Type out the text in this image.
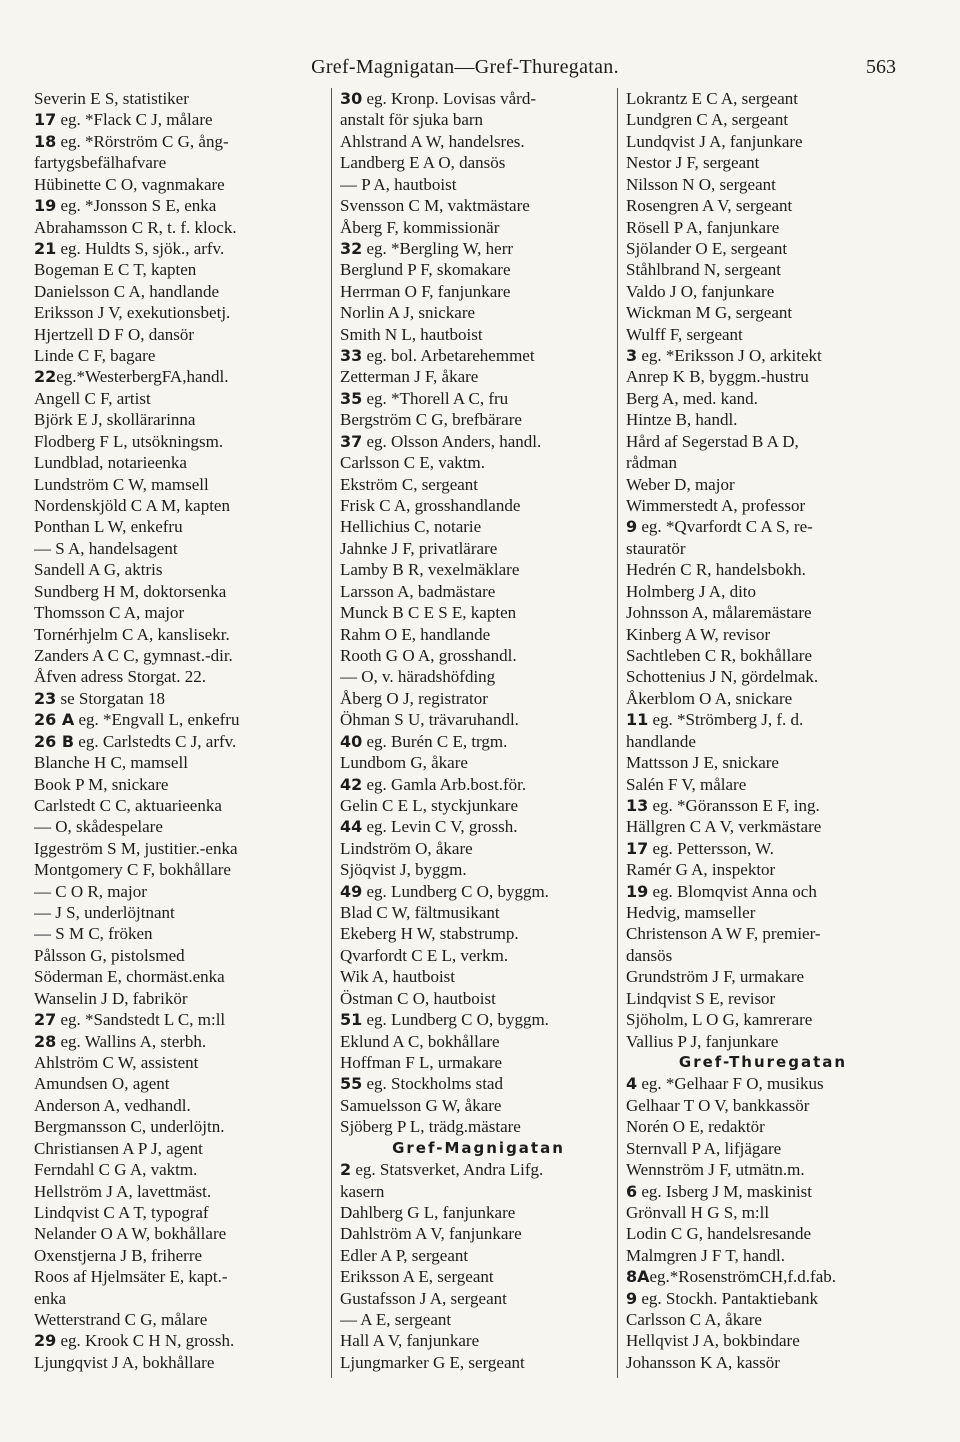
Gref-Magnigatan—Gref-Thuregatan.	563
Severin E S, statistiker
17 eg. *Flack C J, målare
18 eg. *Rörström C G, ång-
fartygsbefälhafvare
Hübinette C O, vagnmakare
19 eg. *Jonsson S E, enka
Abrahamsson C R, t. f. klock.
21 eg. Huldts S, sjök., arfv.
Bogeman E C T, kapten
Danielsson C A, handlande
Eriksson J V, exekutionsbetj.
Hjertzell D F O, dansör
Linde C F, bagare
22eg.*WesterbergFA,handl.
Angell C F, artist
Björk E J, skollärarinna
Flodberg F L, utsökningsm.
Lundblad, notarieenka
Lundström C W, mamsell
Nordenskjöld C A M, kapten
Ponthan L W, enkefru
— S A, handelsagent
Sandell A G, aktris
Sundberg H M, doktorsenka
Thomsson C A, major
Tornérhjelm C A, kanslisekr.
Zanders A C C, gymnast.-dir.
Åfven adress Storgat. 22.
23 se Storgatan 18
26 A eg. *Engvall L, enkefru
26 B eg. Carlstedts C J, arfv.
Blanche H C, mamsell
Book P M, snickare
Carlstedt C C, aktuarieenka
— O, skådespelare
Iggeström S M, justitier.-enka
Montgomery C F, bokhållare
— C O R, major
— J S, underlöjtnant
— S M C, fröken
Pålsson G, pistolsmed
Söderman E, chormäst.enka
Wanselin J D, fabrikör
27 eg. *Sandstedt L C, m:ll
28 eg. Wallins A, sterbh.
Ahlström C W, assistent
Amundsen O, agent
Anderson A, vedhandl.
Bergmansson C, underlöjtn.
Christiansen A P J, agent
Ferndahl C G A, vaktm.
Hellström J A, lavettmäst.
Lindqvist C A T, typograf
Nelander O A W, bokhållare
Oxenstjerna J B, friherre
Roos af Hjelmsäter E, kapt.-
enka
Wetterstrand C G, målare
29 eg. Krook C H N, grossh.
Ljungqvist J A, bokhållare
30 eg. Kronp. Lovisas vård-
anstalt för sjuka barn
Ahlstrand A W, handelsres.
Landberg E A O, dansös
— P A, hautboist
Svensson C M, vaktmästare
Åberg F, kommissionär
32 eg. *Bergling W, herr
Berglund P F, skomakare
Herrman O F, fanjunkare
Norlin A J, snickare
Smith N L, hautboist
33 eg. bol. Arbetarehemmet
Zetterman J F, åkare
35 eg. *Thorell A C, fru
Bergström C G, brefbärare
37 eg. Olsson Anders, handl.
Carlsson C E, vaktm.
Ekström C, sergeant
Frisk C A, grosshandlande
Hellichius C, notarie
Jahnke J F, privatlärare
Lamby B R, vexelmäklare
Larsson A, badmästare
Munck B C E S E, kapten
Rahm O E, handlande
Rooth G O A, grosshandl.
— O, v. häradshöfding
Åberg O J, registrator
Öhman S U, trävaruhandl.
40 eg. Burén C E, trgm.
Lundbom G, åkare
42 eg. Gamla Arb.bost.för.
Gelin C E L, styckjunkare
44 eg. Levin C V, grossh.
Lindström O, åkare
Sjöqvist J, byggm.
49 eg. Lundberg C O, byggm.
Blad C W, fältmusikant
Ekeberg H W, stabstrump.
Qvarfordt C E L, verkm.
Wik A, hautboist
Östman C O, hautboist
51 eg. Lundberg C O, byggm.
Eklund A C, bokhållare
Hoffman F L, urmakare
55 eg. Stockholms stad
Samuelsson G W, åkare
Sjöberg P L, trädg.mästare
Gref-Magnigatan
2 eg. Statsverket, Andra Lifg.
kasern
Dahlberg G L, fanjunkare
Dahlström A V, fanjunkare
Edler A P, sergeant
Eriksson A E, sergeant
Gustafsson J A, sergeant
— A E, sergeant
Hall A V, fanjunkare
Ljungmarker G E, sergeant
Lokrantz E C A, sergeant
Lundgren C A, sergeant
Lundqvist J A, fanjunkare
Nestor J F, sergeant
Nilsson N O, sergeant
Rosengren A V, sergeant
Rösell P A, fanjunkare
Sjölander O E, sergeant
Ståhlbrand N, sergeant
Valdo J O, fanjunkare
Wickman M G, sergeant
Wulff F, sergeant
3 eg. *Eriksson J O, arkitekt
Anrep K B, byggm.-hustru
Berg A, med. kand.
Hintze B, handl.
Hård af Segerstad B A D,
rådman
Weber D, major
Wimmerstedt A, professor
9 eg. *Qvarfordt C A S, re-
stauratör
Hedrén C R, handelsbokh.
Holmberg J A, dito
Johnsson A, målaremästare
Kinberg A W, revisor
Sachtleben C R, bokhållare
Schottenius J N, gördelmak.
Åkerblom O A, snickare
11 eg. *Strömberg J, f. d.
handlande
Mattsson J E, snickare
Salén F V, målare
13 eg. *Göransson E F, ing.
Hällgren C A V, verkmästare
17 eg. Pettersson, W.
Ramér G A, inspektor
19 eg. Blomqvist Anna och
Hedvig, mamseller
Christenson A W F, premier-
dansös
Grundström J F, urmakare
Lindqvist S E, revisor
Sjöholm, L O G, kamrerare
Vallius P J, fanjunkare
Gref-Thuregatan
4 eg. *Gelhaar F O, musikus
Gelhaar T O V, bankkassör
Norén O E, redaktör
Sternvall P A, lifjägare
Wennström J F, utmätn.m.
6 eg. Isberg J M, maskinist
Grönvall H G S, m:ll
Lodin C G, handelsresande
Malmgren J F T, handl.
8Aeg.*RosenströmCH,f.d.fab.
9 eg. Stockh. Pantaktiebank
Carlsson C A, åkare
Hellqvist J A, bokbindare
Johansson K A, kassör
